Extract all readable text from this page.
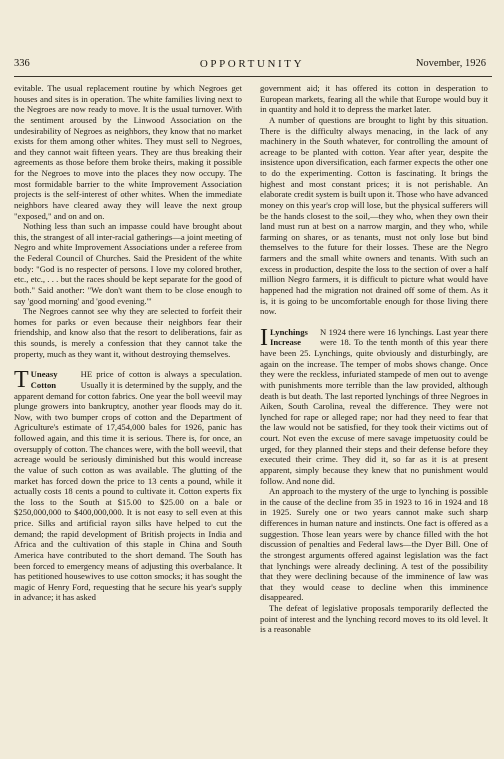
336	OPPORTUNITY	November, 1926

evitable. The usual replacement routine by which Negroes get houses and sites is in operation. The white families living next to the Negroes are now ready to move. It is the usual turnover. With the sentiment aroused by the Linwood Association on the undesirability of Negroes as neighbors, they know that no market exists for them among other whites. They must sell to Negroes, and they cannot wait fifteen years. They are thus breaking their agreements as those before them broke theirs, making it possible for the Negroes to move into the places they now occupy. The most formidable barrier to the white Improvement Association projects is the self-interest of other whites. When the immediate neighbors have cleared away they will leave the next group "exposed," and on and on.

Nothing less than such an impasse could have brought about this, the strangest of all inter-racial gatherings—a joint meeting of Negro and white Improvement Associations under a referee from the Federal Council of Churches. Said the President of the white body: "God is no respecter of persons. I love my colored brother, etc., etc., . . . but the races should be kept separate for the good of both." Said another: "We don't want them to be close enough to say 'good morning' and 'good evening.'"

The Negroes cannot see why they are selected to forfeit their homes for parks or even because their neighbors fear their friendship, and know also that the resort to deliberations, fair as this sounds, is merely a confession that they cannot take the property, much as they want it, without destroying themselves.

T Uneasy Cotton
HE price of cotton is always a speculation. Usually it is determined by the supply, and the apparent demand for cotton fabrics. One year the boll weevil may plunge growers into bankruptcy, another year floods may do it. Now, with two bumper crops of cotton and the Department of Agriculture's estimate of 17,454,000 bales for 1926, panic has followed again, and this time it is serious. There is, for once, an oversupply of cotton. The chances were, with the boll weevil, that acreage would be seriously diminished but this would increase the value of such cotton as was available. The glutting of the market has forced down the price to 13 cents a pound, while it actually costs 18 cents a pound to cultivate it. Cotton experts fix the loss to the South at $15.00 to $25.00 on a bale or $250,000,000 to $400,000,000. It is not easy to sell even at this price. Silks and artificial rayon silks have helped to cut the demand; the rapid development of British projects in India and Africa and the cultivation of this staple in China and South America have contributed to the short demand. The South has been forced to emergency means of adjusting this overbalance. It has petitioned housewives to use cotton smocks; it has sought the magic of Henry Ford, requesting that he secure his year's supply in advance; it has asked

government aid; it has offered its cotton in desperation to European markets, fearing all the while that Europe would buy it in quantity and hold it to depress the market later.

A number of questions are brought to light by this situation. There is the difficulty always menacing, in the lack of any machinery in the South whatever, for controlling the amount of acreage to be planted with cotton. Year after year, despite the insistence upon diversification, each farmer expects the other one to do the experimenting. Cotton is fascinating. It brings the highest and most constant prices; it is not perishable. An elaborate credit system is built upon it. Those who have advanced money on this year's crop will lose, but the physical sufferers will be the hands closest to the soil,—they who, when they own their land must run at best on a narrow margin, and they who, while farming on shares, or as tenants, must not only lose but bind themselves to the future for their losses. These are the Negro farmers and the small white owners and tenants. With such an excess in production, despite the loss to the section of over a half million Negro farmers, it is difficult to picture what would have happened had the migration not drained off some of them. As it is, it is going to be uncomfortable enough for those living there now.

I Lynchings Increase
N 1924 there were 16 lynchings. Last year there were 18. To the tenth month of this year there have been 25. Lynchings, quite obviously and disturbingly, are again on the increase. The temper of mobs shows change. Once they were the reckless, infuriated stampede of men out to avenge with punishments more terrible than the law provided, although death is but death. The last reported lynchings of three Negroes in Aiken, South Carolina, reveal the difference. They were not lynched for rape or alleged rape; nor had they need to fear that the law would not be satisfied, for they took their victims out of court. Not even the excuse of mere savage impetuosity could be urged, for they planned their steps and their defense before they executed their crime. They did it, so far as it is at present apparent, simply because they knew that no punishment would follow. And none did.

An approach to the mystery of the urge to lynching is possible in the cause of the decline from 35 in 1923 to 16 in 1924 and 18 in 1925. Surely one or two years cannot make such sharp differences in human nature and instincts. One fact is offered as a suggestion. Those lean years were by chance filled with the hot discussion of penalties and Federal laws—the Dyer Bill. One of the strongest arguments offered against legislation was the fact that lynchings were already declining. A test of the possibility that they were declining because of the imminence of law was that they would cease to decline when this imminence disappeared.

The defeat of legislative proposals temporarily deflected the point of interest and the lynching record moves to its old level. It is a reasonable
